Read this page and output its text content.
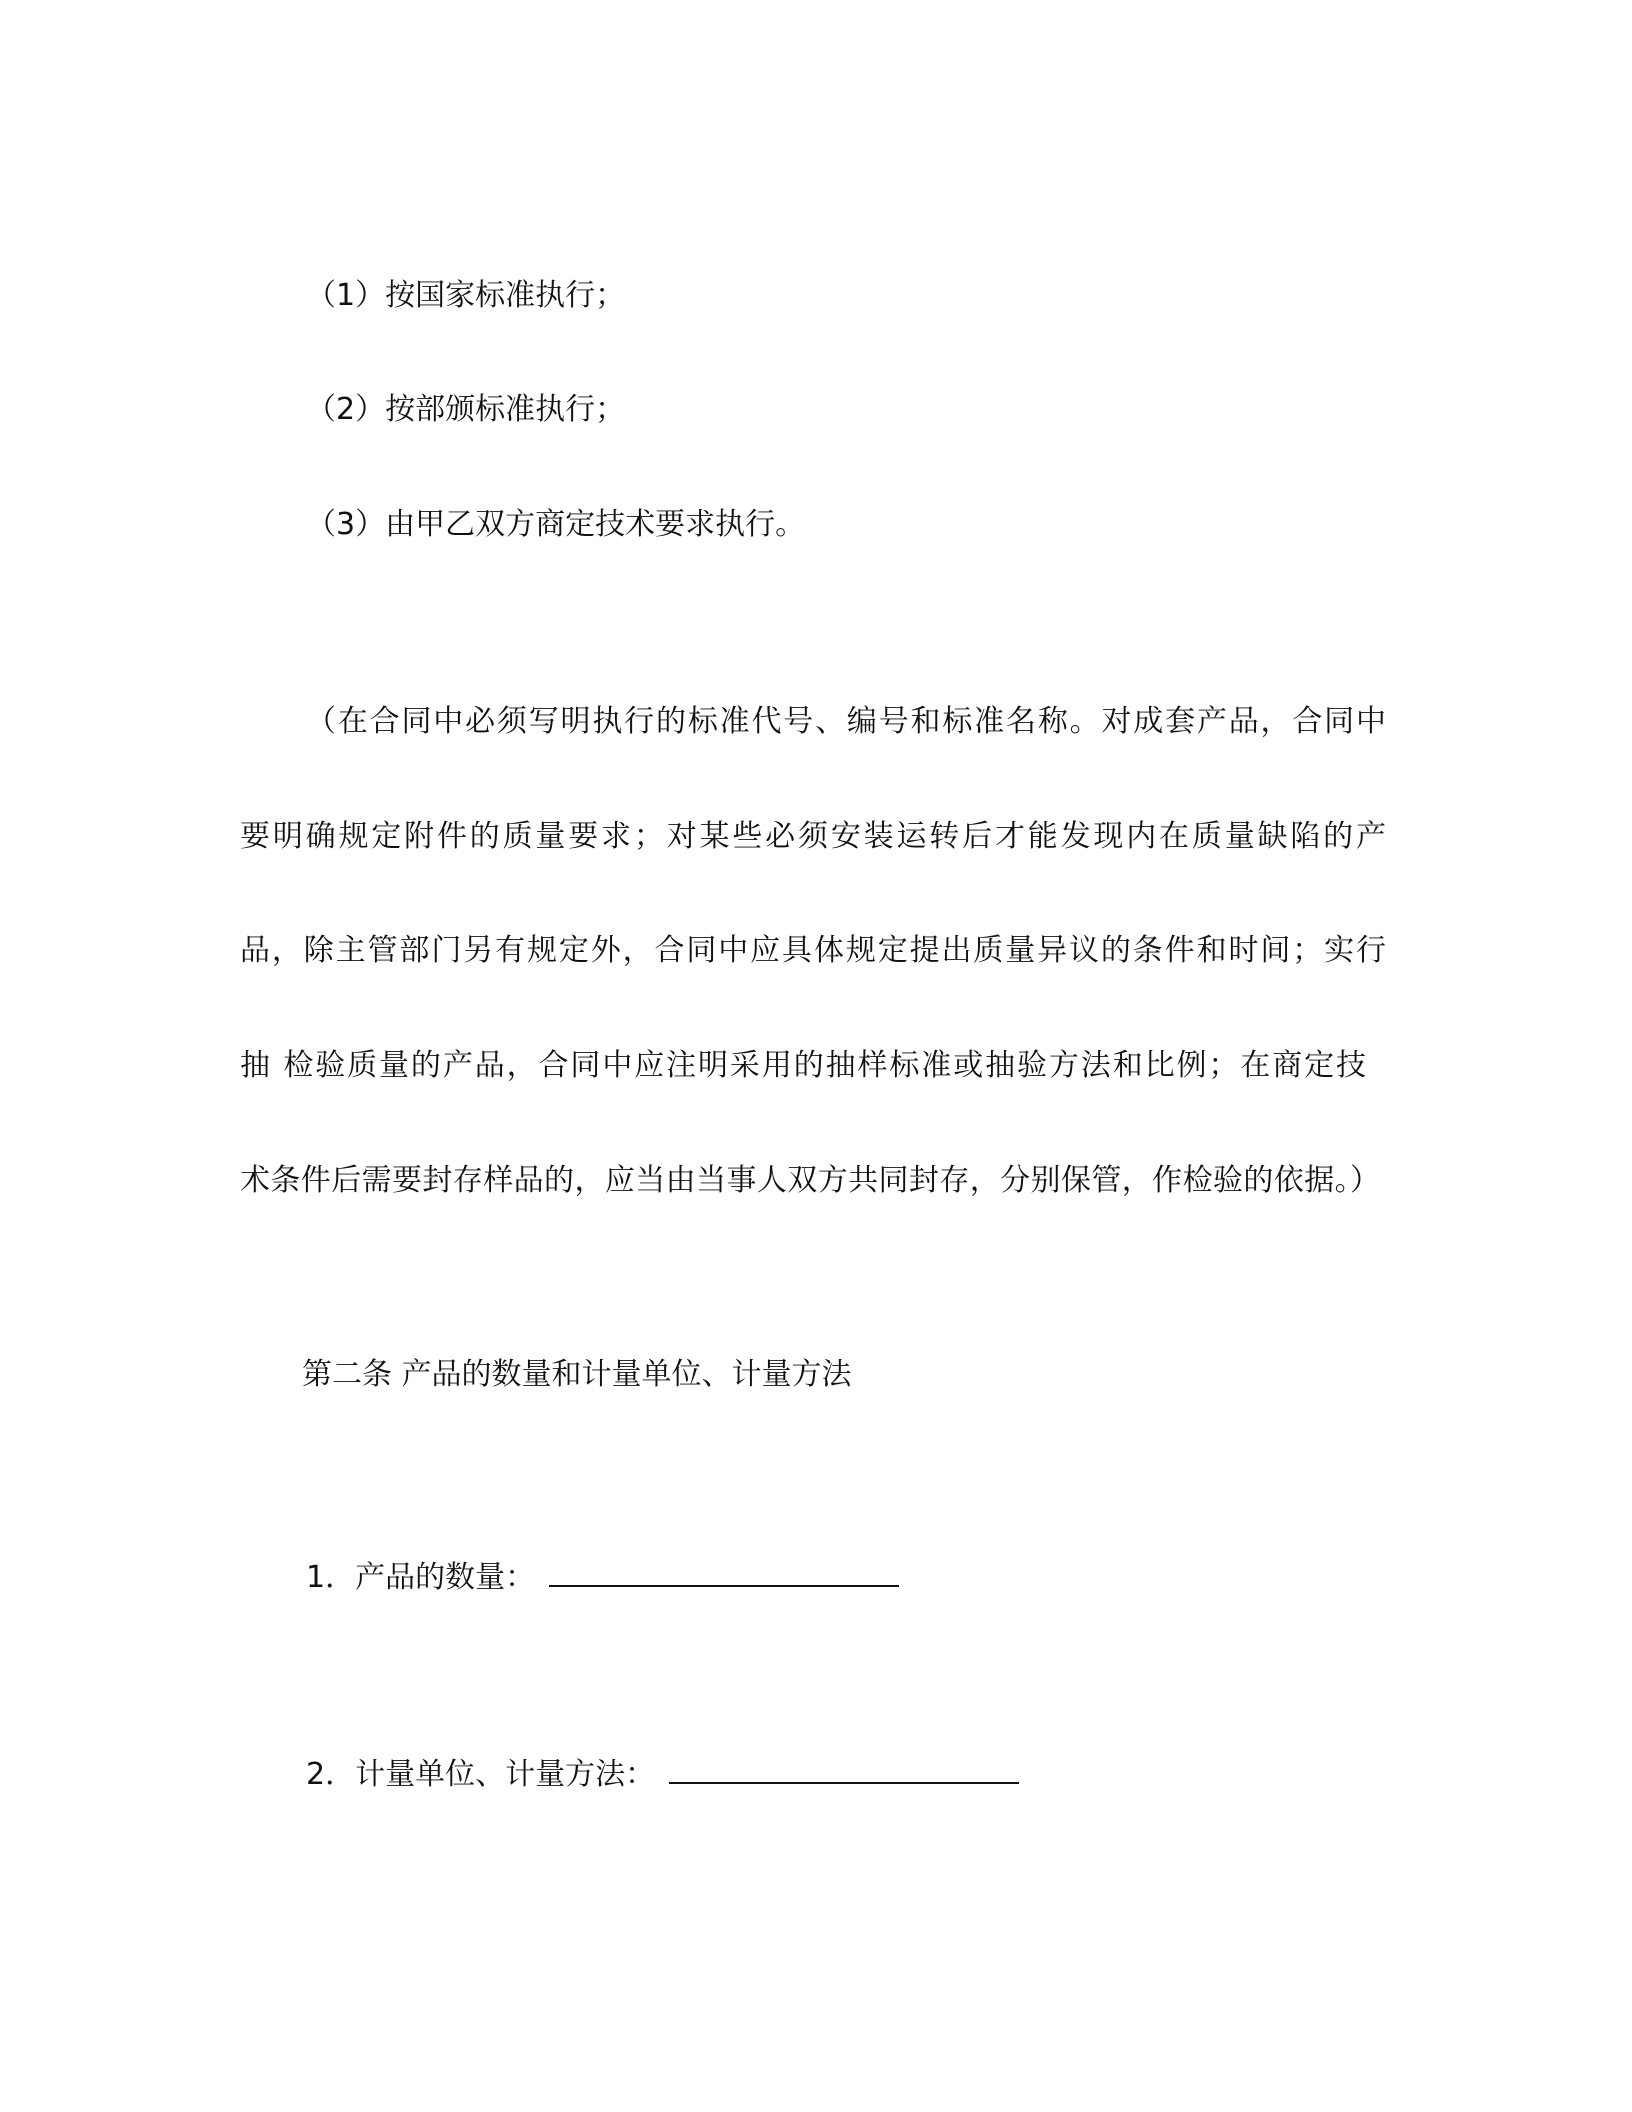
（1）按国家标准执行；

（2）按部颁标准执行；

（3）由甲乙双方商定技术要求执行。

（在合同中必须写明执行的标准代号、编号和标准名称。对成套产品，合同中

要明确规定附件的质量要求；对某些必须安装运转后才能发现内在质量缺陷的产

品，除主管部门另有规定外，合同中应具体规定提出质量异议的条件和时间；实行

抽 检验质量的产品，合同中应注明采用的抽样标准或抽验方法和比例；在商定技

术条件后需要封存样品的，应当由当事人双方共同封存，分别保管，作检验的依据。）

第二条 产品的数量和计量单位、计量方法

1．产品的数量：
2．计量单位、计量方法：
